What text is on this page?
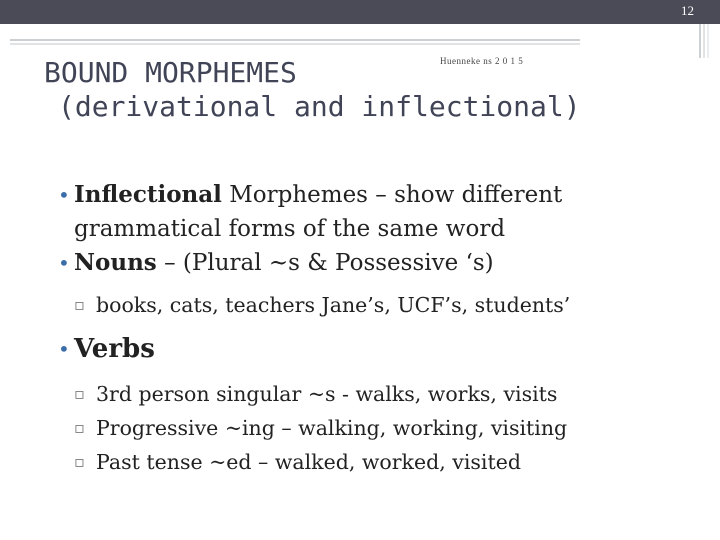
12
Huenneke ns 2 0 1 5
BOUND MORPHEMES
(derivational and inflectional)
• Inflectional Morphemes – show different
grammatical forms of the same word
• Nouns – (Plural ~s & Possessive ‘s)
▫ books, cats, teachers Jane’s, UCF’s, students’
• Verbs
▫ 3rd person singular ~s - walks, works, visits
▫ Progressive ~ing – walking, working, visiting
▫ Past tense ~ed – walked, worked, visited
